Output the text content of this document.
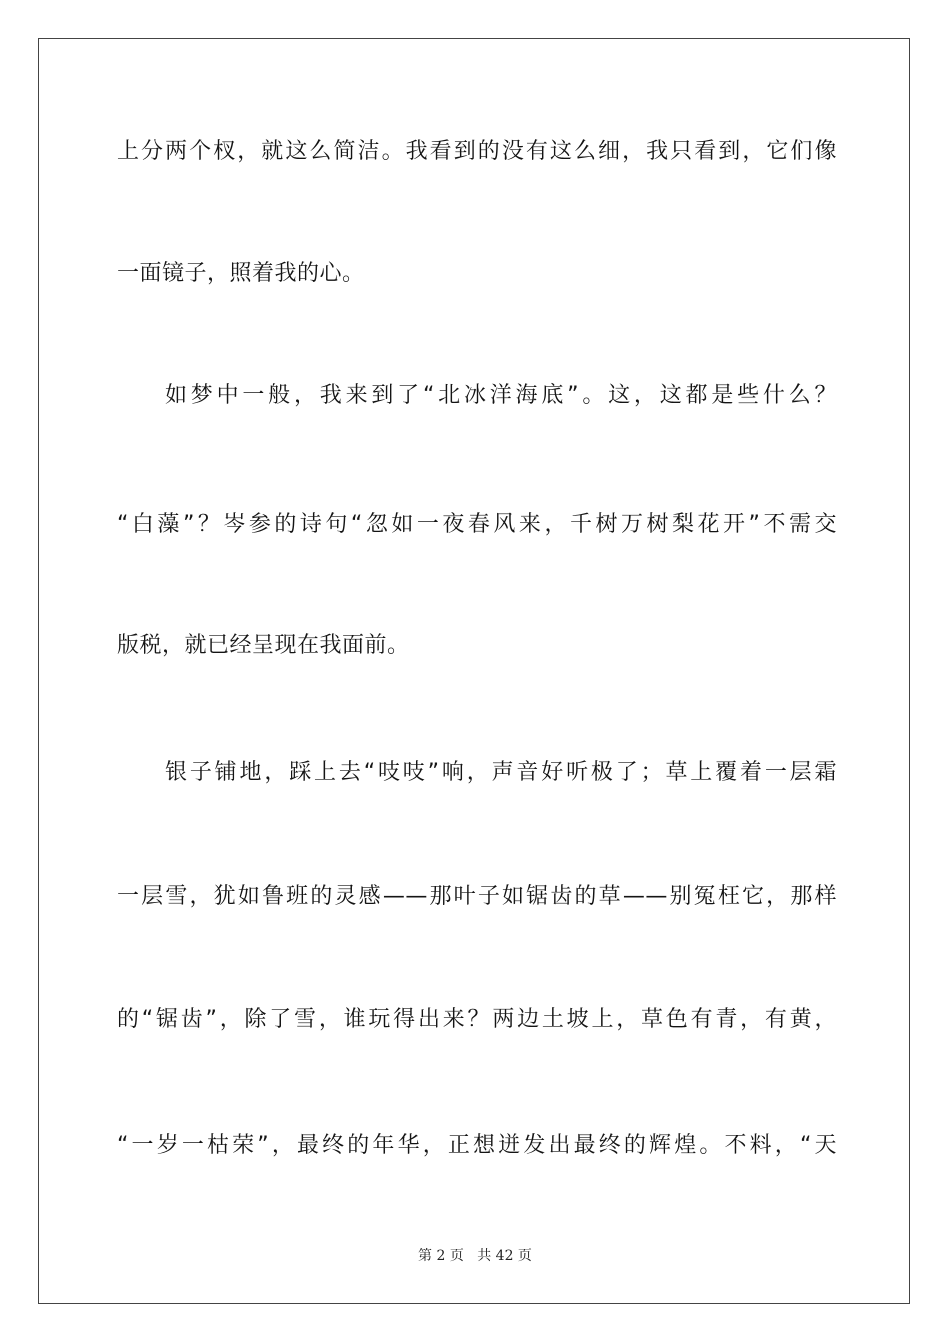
上分两个杈，就这么简洁。我看到的没有这么细，我只看到，它们像
一面镜子，照着我的心。
如梦中一般，我来到了“北冰洋海底”。这，这都是些什么？
“白藻”？岑参的诗句“忽如一夜春风来，千树万树梨花开”不需交
版税，就已经呈现在我面前。
银子铺地，踩上去“吱吱”响，声音好听极了；草上覆着一层霜
一层雪，犹如鲁班的灵感——那叶子如锯齿的草——别冤枉它，那样
的“锯齿”，除了雪，谁玩得出来？两边土坡上，草色有青，有黄，
“一岁一枯荣”，最终的年华，正想迸发出最终的辉煌。不料，“天
第 2 页 共 42 页
